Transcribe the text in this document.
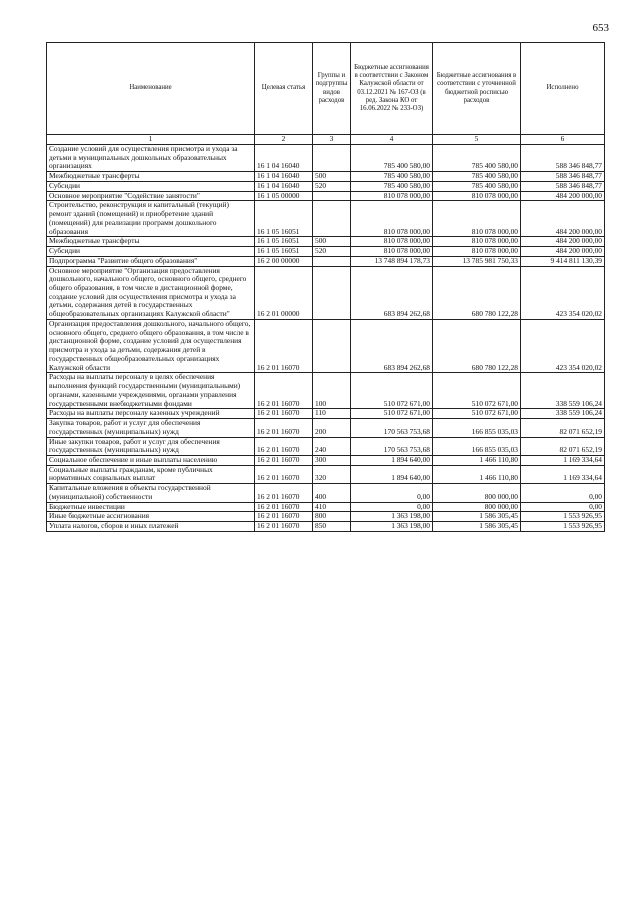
653
Наименование	Целевая статья	Группы и подгруппы видов расходов	Бюджетные ассигнования в соответствии с Законом Калужской области от 03.12.2021 № 167-ОЗ (в ред. Закона КО от 16.06.2022 № 233-ОЗ)	Бюджетные ассигнования в соответствии с уточненной бюджетной росписью расходов	Исполнено
1	2	3	4	5	6
Создание условий для осуществления присмотра и ухода за детьми в муниципальных дошкольных образовательных организациях	16 1 04 16040		785 400 580,00	785 400 580,00	588 346 848,77
Межбюджетные трансферты	16 1 04 16040	500	785 400 580,00	785 400 580,00	588 346 848,77
Субсидии	16 1 04 16040	520	785 400 580,00	785 400 580,00	588 346 848,77
Основное мероприятие "Содействие занятости"	16 1 05 00000		810 078 000,00	810 078 000,00	484 200 000,00
Строительство, реконструкция и капитальный (текущий) ремонт зданий (помещений) и приобретение зданий (помещений) для реализации программ дошкольного образования	16 1 05 16051		810 078 000,00	810 078 000,00	484 200 000,00
Межбюджетные трансферты	16 1 05 16051	500	810 078 000,00	810 078 000,00	484 200 000,00
Субсидии	16 1 05 16051	520	810 078 000,00	810 078 000,00	484 200 000,00
Подпрограмма "Развитие общего образования"	16 2 00 00000		13 748 894 178,73	13 785 981 750,33	9 414 811 130,39
Основное мероприятие "Организация предоставления дошкольного, начального общего, основного общего, среднего общего образования, в том числе в дистанционной форме, создание условий для осуществления присмотра и ухода за детьми, содержания детей в государственных общеобразовательных организациях Калужской области"	16 2 01 00000		683 894 262,68	680 780 122,28	423 354 020,02
Организация предоставления дошкольного, начального общего, основного общего, среднего общего образования, в том числе в дистанционной форме, создание условий для осуществления присмотра и ухода за детьми, содержания детей в государственных общеобразовательных организациях Калужской области	16 2 01 16070		683 894 262,68	680 780 122,28	423 354 020,02
Расходы на выплаты персоналу в целях обеспечения выполнения функций государственными (муниципальными) органами, казенными учреждениями, органами управления государственными внебюджетными фондами	16 2 01 16070	100	510 072 671,00	510 072 671,00	338 559 106,24
Расходы на выплаты персоналу казенных учреждений	16 2 01 16070	110	510 072 671,00	510 072 671,00	338 559 106,24
Закупка товаров, работ и услуг для обеспечения государственных (муниципальных) нужд	16 2 01 16070	200	170 563 753,68	166 855 035,03	82 071 652,19
Иные закупки товаров, работ и услуг для обеспечения государственных (муниципальных) нужд	16 2 01 16070	240	170 563 753,68	166 855 035,03	82 071 652,19
Социальное обеспечение и иные выплаты населению	16 2 01 16070	300	1 894 640,00	1 466 110,80	1 169 334,64
Социальные выплаты гражданам, кроме публичных нормативных социальных выплат	16 2 01 16070	320	1 894 640,00	1 466 110,80	1 169 334,64
Капитальные вложения в объекты государственной (муниципальной) собственности	16 2 01 16070	400	0,00	800 000,00	0,00
Бюджетные инвестиции	16 2 01 16070	410	0,00	800 000,00	0,00
Иные бюджетные ассигнования	16 2 01 16070	800	1 363 198,00	1 586 305,45	1 553 926,95
Уплата налогов, сборов и иных платежей	16 2 01 16070	850	1 363 198,00	1 586 305,45	1 553 926,95
